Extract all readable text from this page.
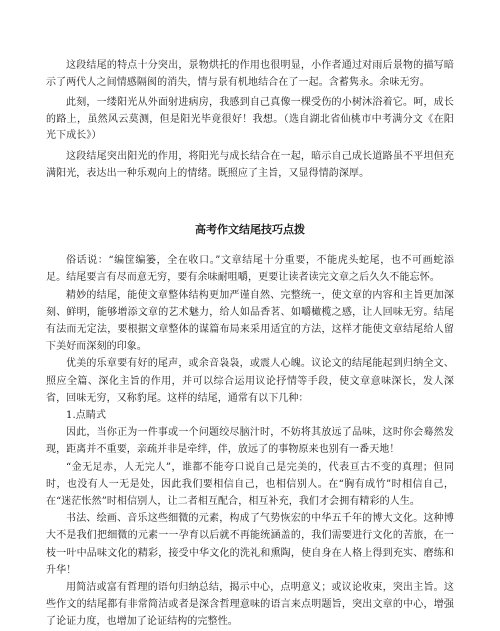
这段结尾的特点十分突出，景物烘托的作用也很明显，小作者通过对雨后景物的描写暗示了两代人之间情感隔阂的消失，情与景有机地结合在了一起。含蓄隽永。余味无穷。

此刻，一缕阳光从外面射进病房，我感到自己真像一棵受伤的小树沐浴着它。呵，成长的路上，虽然风云莫测，但是阳光毕竟很好！我想。（选自湖北省仙桃市中考满分文《在阳光下成长》）

这段结尾突出阳光的作用，将阳光与成长结合在一起，暗示自己成长道路虽不平坦但充满阳光，表达出一种乐观向上的情绪。既照应了主旨，又显得情韵深厚。

高考作文结尾技巧点拨

俗话说：“编筐编篓，全在收口。”文章结尾十分重要，不能虎头蛇尾，也不可画蛇添足。结尾要言有尽而意无穷，要有余味耐咀嚼，更要让读者读完文章之后久久不能忘怀。

精妙的结尾，能使文章整体结构更加严谨自然、完整统一，使文章的内容和主旨更加深刻、鲜明，能够增添文章的艺术魅力，给人如品香茗、如嚼橄榄之感，让人回味无穷。结尾有法而无定法，要根据文章整体的谋篇布局来采用适宜的方法，这样才能使文章结尾给人留下美好而深刻的印象。

优美的乐章要有好的尾声，或余音袅袅，或震人心魄。议论文的结尾能起到归纳全文、照应全篇、深化主旨的作用，并可以综合运用议论抒情等手段，使文章意味深长，发人深省，回味无穷，又称豹尾。这样的结尾，通常有以下几种：

1.点睛式

因此，当你正为一件事或一个问题绞尽脑汁时，不妨将其放远了品味，这时你会蓦然发现，距离并不重要，亲疏并非是牵绊，伴，放远了的事物原来也别有一番天地！

“金无足赤，人无完人”，谁都不能夸口说自己是完美的，代表亘古不变的真理；但同时，也没有人一无是处，因此我们要相信自己，也相信别人。在“胸有成竹”时相信自己，在“迷茫怅然”时相信别人，让二者相互配合，相互补充，我们才会拥有精彩的人生。

书法、绘画、音乐这些细微的元素，构成了气势恢宏的中华五千年的博大文化。这种博大不是我们把细微的元素一一孕育以后就不再能统涵盖的，我们需要进行文化的苦旅，在一枝一叶中品味文化的精彩，接受中华文化的洗礼和熏陶，使自身在人格上得到充实、磨练和升华！

用简洁或富有哲理的语句归纳总结，揭示中心，点明意义；或议论收束，突出主旨。这些作文的结尾都有非常简洁或者是深含哲理意味的语言来点明题旨，突出文章的中心，增强了论证力度，也增加了论证结构的完整性。
